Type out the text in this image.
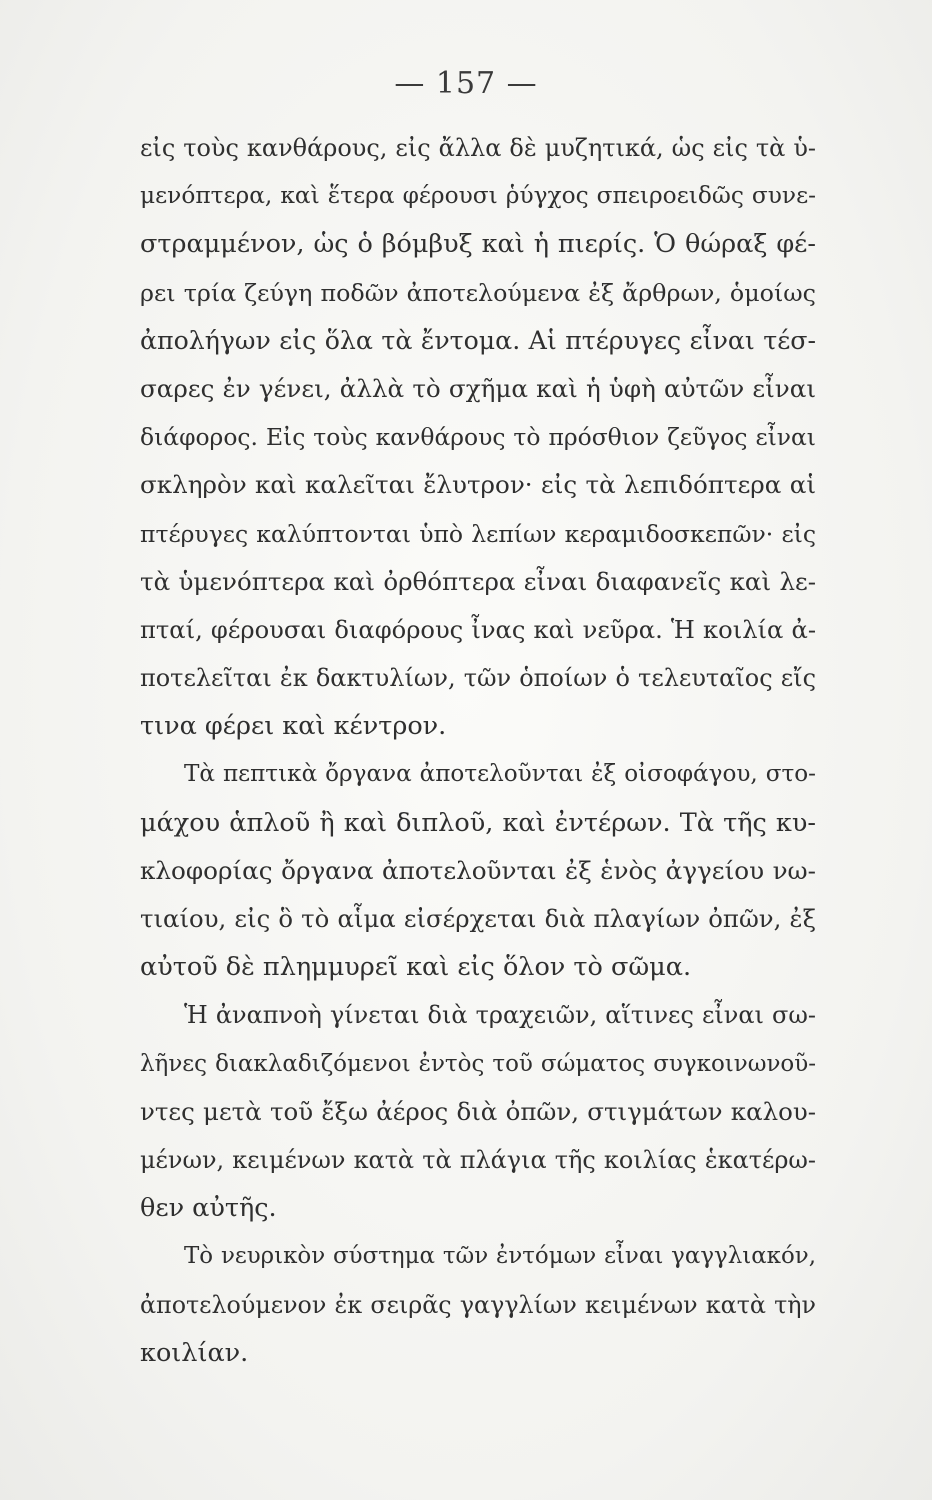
— 157 —
εἰς τοὺς κανθάρους, εἰς ἄλλα δὲ μυζητικά, ὡς εἰς τὰ ὑ-
μενόπτερα, καὶ ἕτερα φέρουσι ῥύγχος σπειροειδῶς συνε-
στραμμένον, ὡς ὁ βόμβυξ καὶ ἡ πιερίς. Ὁ θώραξ φέ-
ρει τρία ζεύγη ποδῶν ἀποτελούμενα ἐξ ἄρθρων, ὁμοίως
ἀπολήγων εἰς ὅλα τὰ ἔντομα. Αἱ πτέρυγες εἶναι τέσ-
σαρες ἐν γένει, ἀλλὰ τὸ σχῆμα καὶ ἡ ὑφὴ αὐτῶν εἶναι
διάφορος. Εἰς τοὺς κανθάρους τὸ πρόσθιον ζεῦγος εἶναι
σκληρὸν καὶ καλεῖται ἔλυτρον· εἰς τὰ λεπιδόπτερα αἱ
πτέρυγες καλύπτονται ὑπὸ λεπίων κεραμιδοσκεπῶν· εἰς
τὰ ὑμενόπτερα καὶ ὀρθόπτερα εἶναι διαφανεῖς καὶ λε-
πταί, φέρουσαι διαφόρους ἶνας καὶ νεῦρα. Ἡ κοιλία ἀ-
ποτελεῖται ἐκ δακτυλίων, τῶν ὁποίων ὁ τελευταῖος εἴς
τινα φέρει καὶ κέντρον.
Τὰ πεπτικὰ ὄργανα ἀποτελοῦνται ἐξ οἰσοφάγου, στο-
μάχου ἁπλοῦ ἢ καὶ διπλοῦ, καὶ ἐντέρων. Τὰ τῆς κυ-
κλοφορίας ὄργανα ἀποτελοῦνται ἐξ ἑνὸς ἀγγείου νω-
τιαίου, εἰς ὃ τὸ αἷμα εἰσέρχεται διὰ πλαγίων ὀπῶν, ἐξ
αὐτοῦ δὲ πλημμυρεῖ καὶ εἰς ὅλον τὸ σῶμα.
Ἡ ἀναπνοὴ γίνεται διὰ τραχειῶν, αἵτινες εἶναι σω-
λῆνες διακλαδιζόμενοι ἐντὸς τοῦ σώματος συγκοινωνοῦ-
ντες μετὰ τοῦ ἔξω ἀέρος διὰ ὀπῶν, στιγμάτων καλου-
μένων, κειμένων κατὰ τὰ πλάγια τῆς κοιλίας ἑκατέρω-
θεν αὐτῆς.
Τὸ νευρικὸν σύστημα τῶν ἐντόμων εἶναι γαγγλιακόν,
ἀποτελούμενον ἐκ σειρᾶς γαγγλίων κειμένων κατὰ τὴν
κοιλίαν.
